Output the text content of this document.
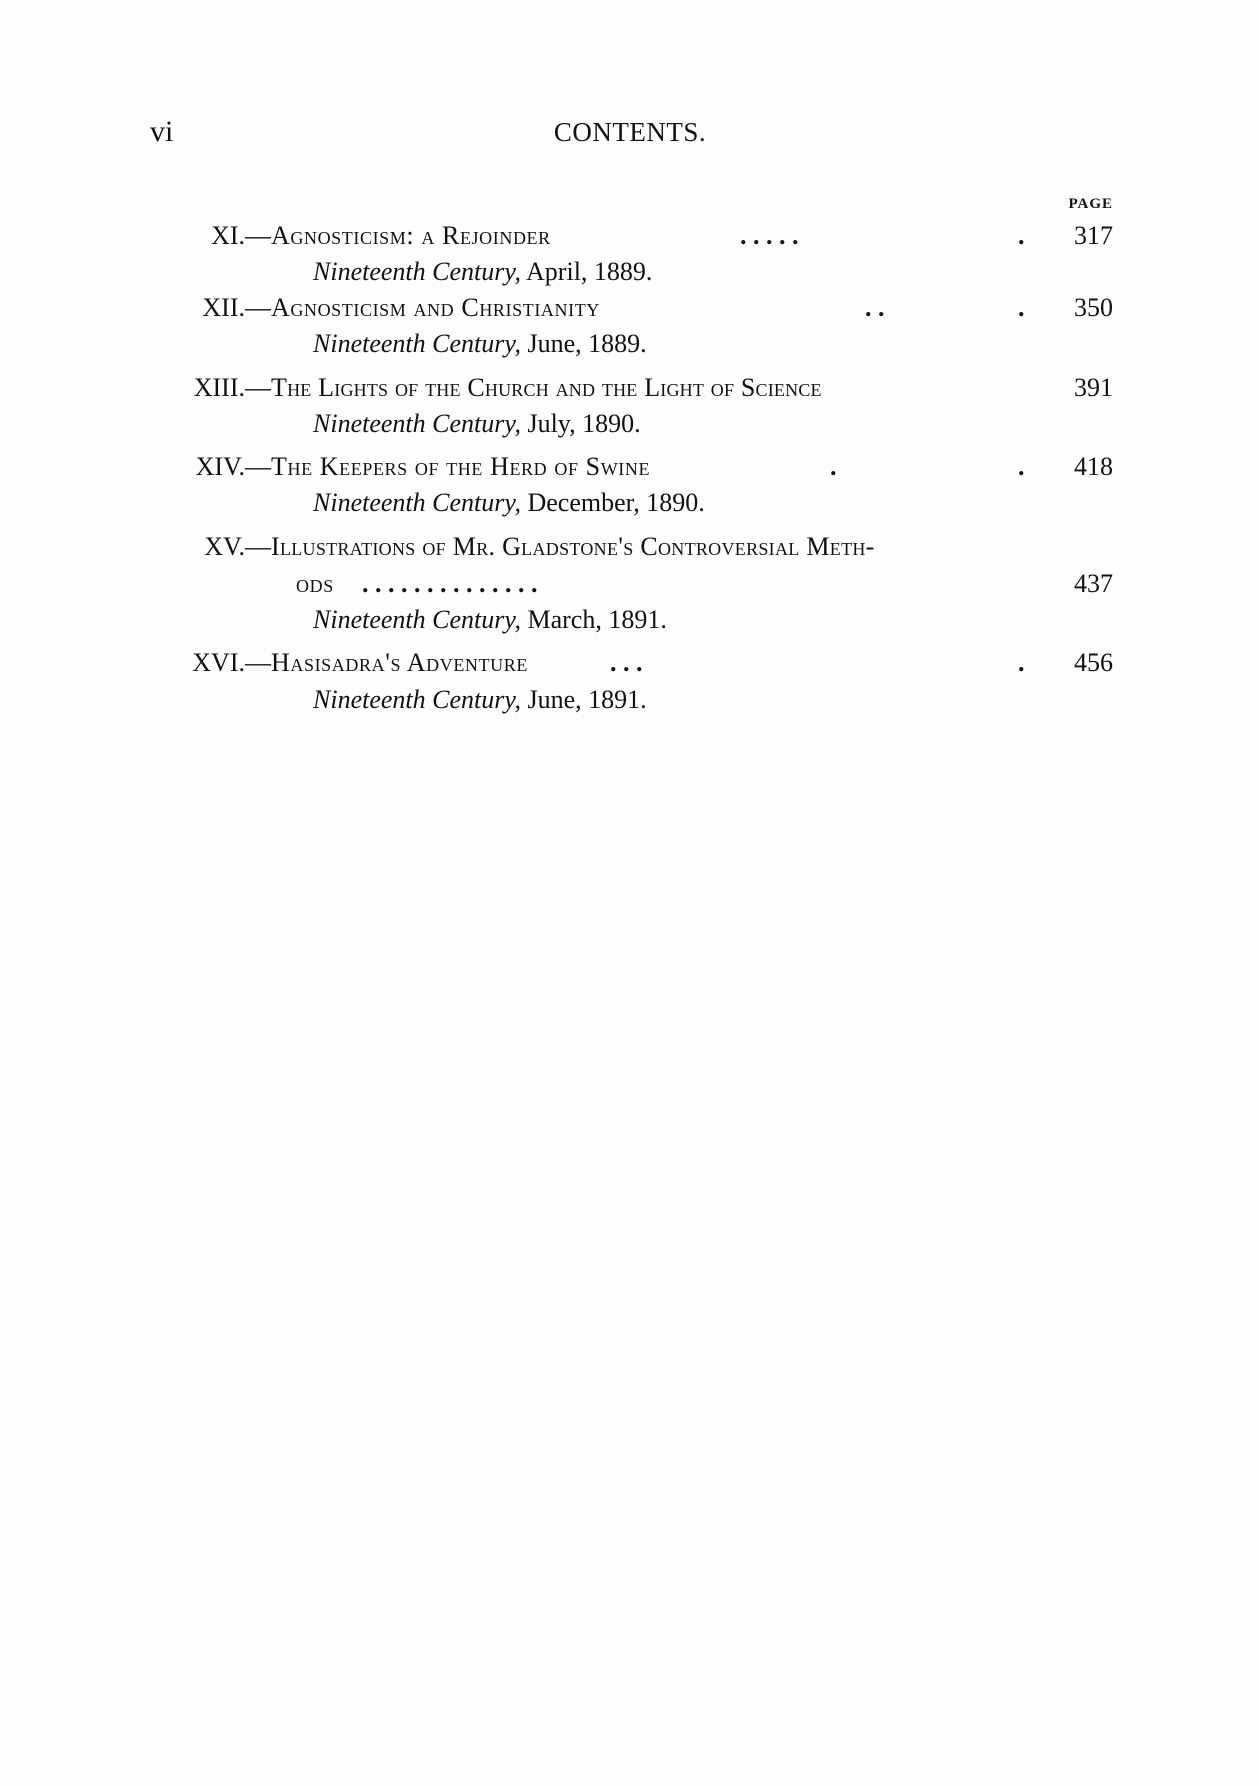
vi	CONTENTS.
PAGE
XI.—Agnosticism: a Rejoinder	. . . . .	.	317
Nineteenth Century, April, 1889.
XII.—Agnosticism and Christianity	. .	.	350
Nineteenth Century, June, 1889.
XIII.—The Lights of the Church and the Light of Science	391
Nineteenth Century, July, 1890.
XIV.—The Keepers of the Herd of Swine	.	.	418
Nineteenth Century, December, 1890.
XV.—Illustrations of Mr. Gladstone's Controversial Meth-
ods . . . . . . . . . . . . . .	437
Nineteenth Century, March, 1891.
XVI.—Hasisadra's Adventure	. . .	.	456
Nineteenth Century, June, 1891.
